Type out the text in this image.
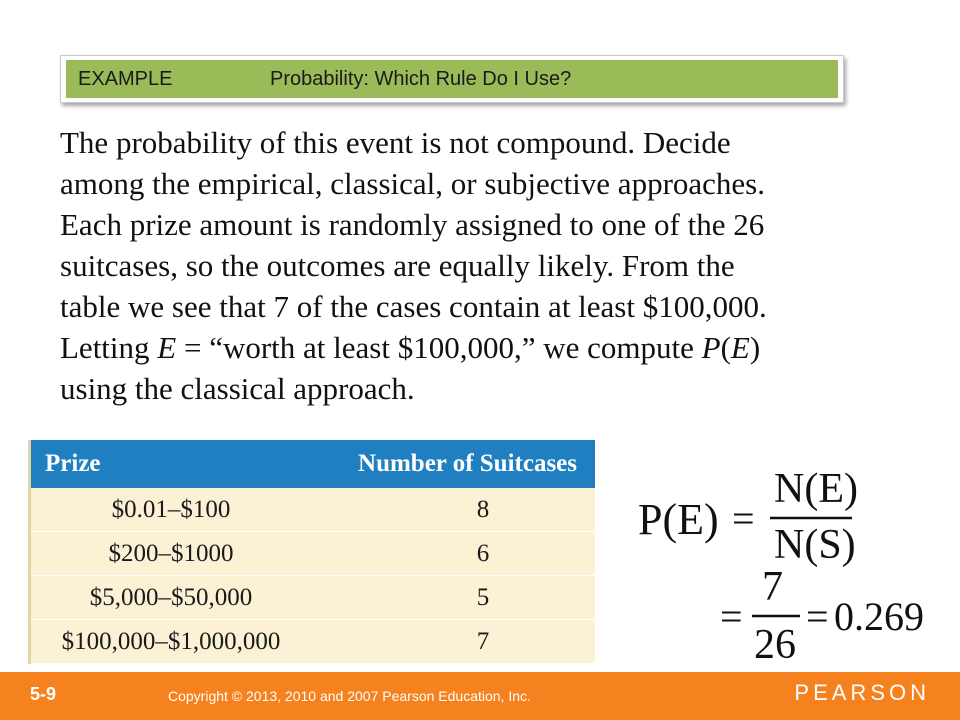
EXAMPLE	Probability: Which Rule Do I Use?

The probability of this event is not compound. Decide
among the empirical, classical, or subjective approaches.
Each prize amount is randomly assigned to one of the 26
suitcases, so the outcomes are equally likely. From the
table we see that 7 of the cases contain at least $100,000.
Letting E = “worth at least $100,000,” we compute P(E)
using the classical approach.

Prize	Number of Suitcases
$0.01–$100	8
$200–$1000	6
$5,000–$50,000	5
$100,000–$1,000,000	7
P(E) =
N(E)
N(S)
=
7
26
= 0.269
5-9	Copyright © 2013, 2010 and 2007 Pearson Education, Inc.	PEARSON
